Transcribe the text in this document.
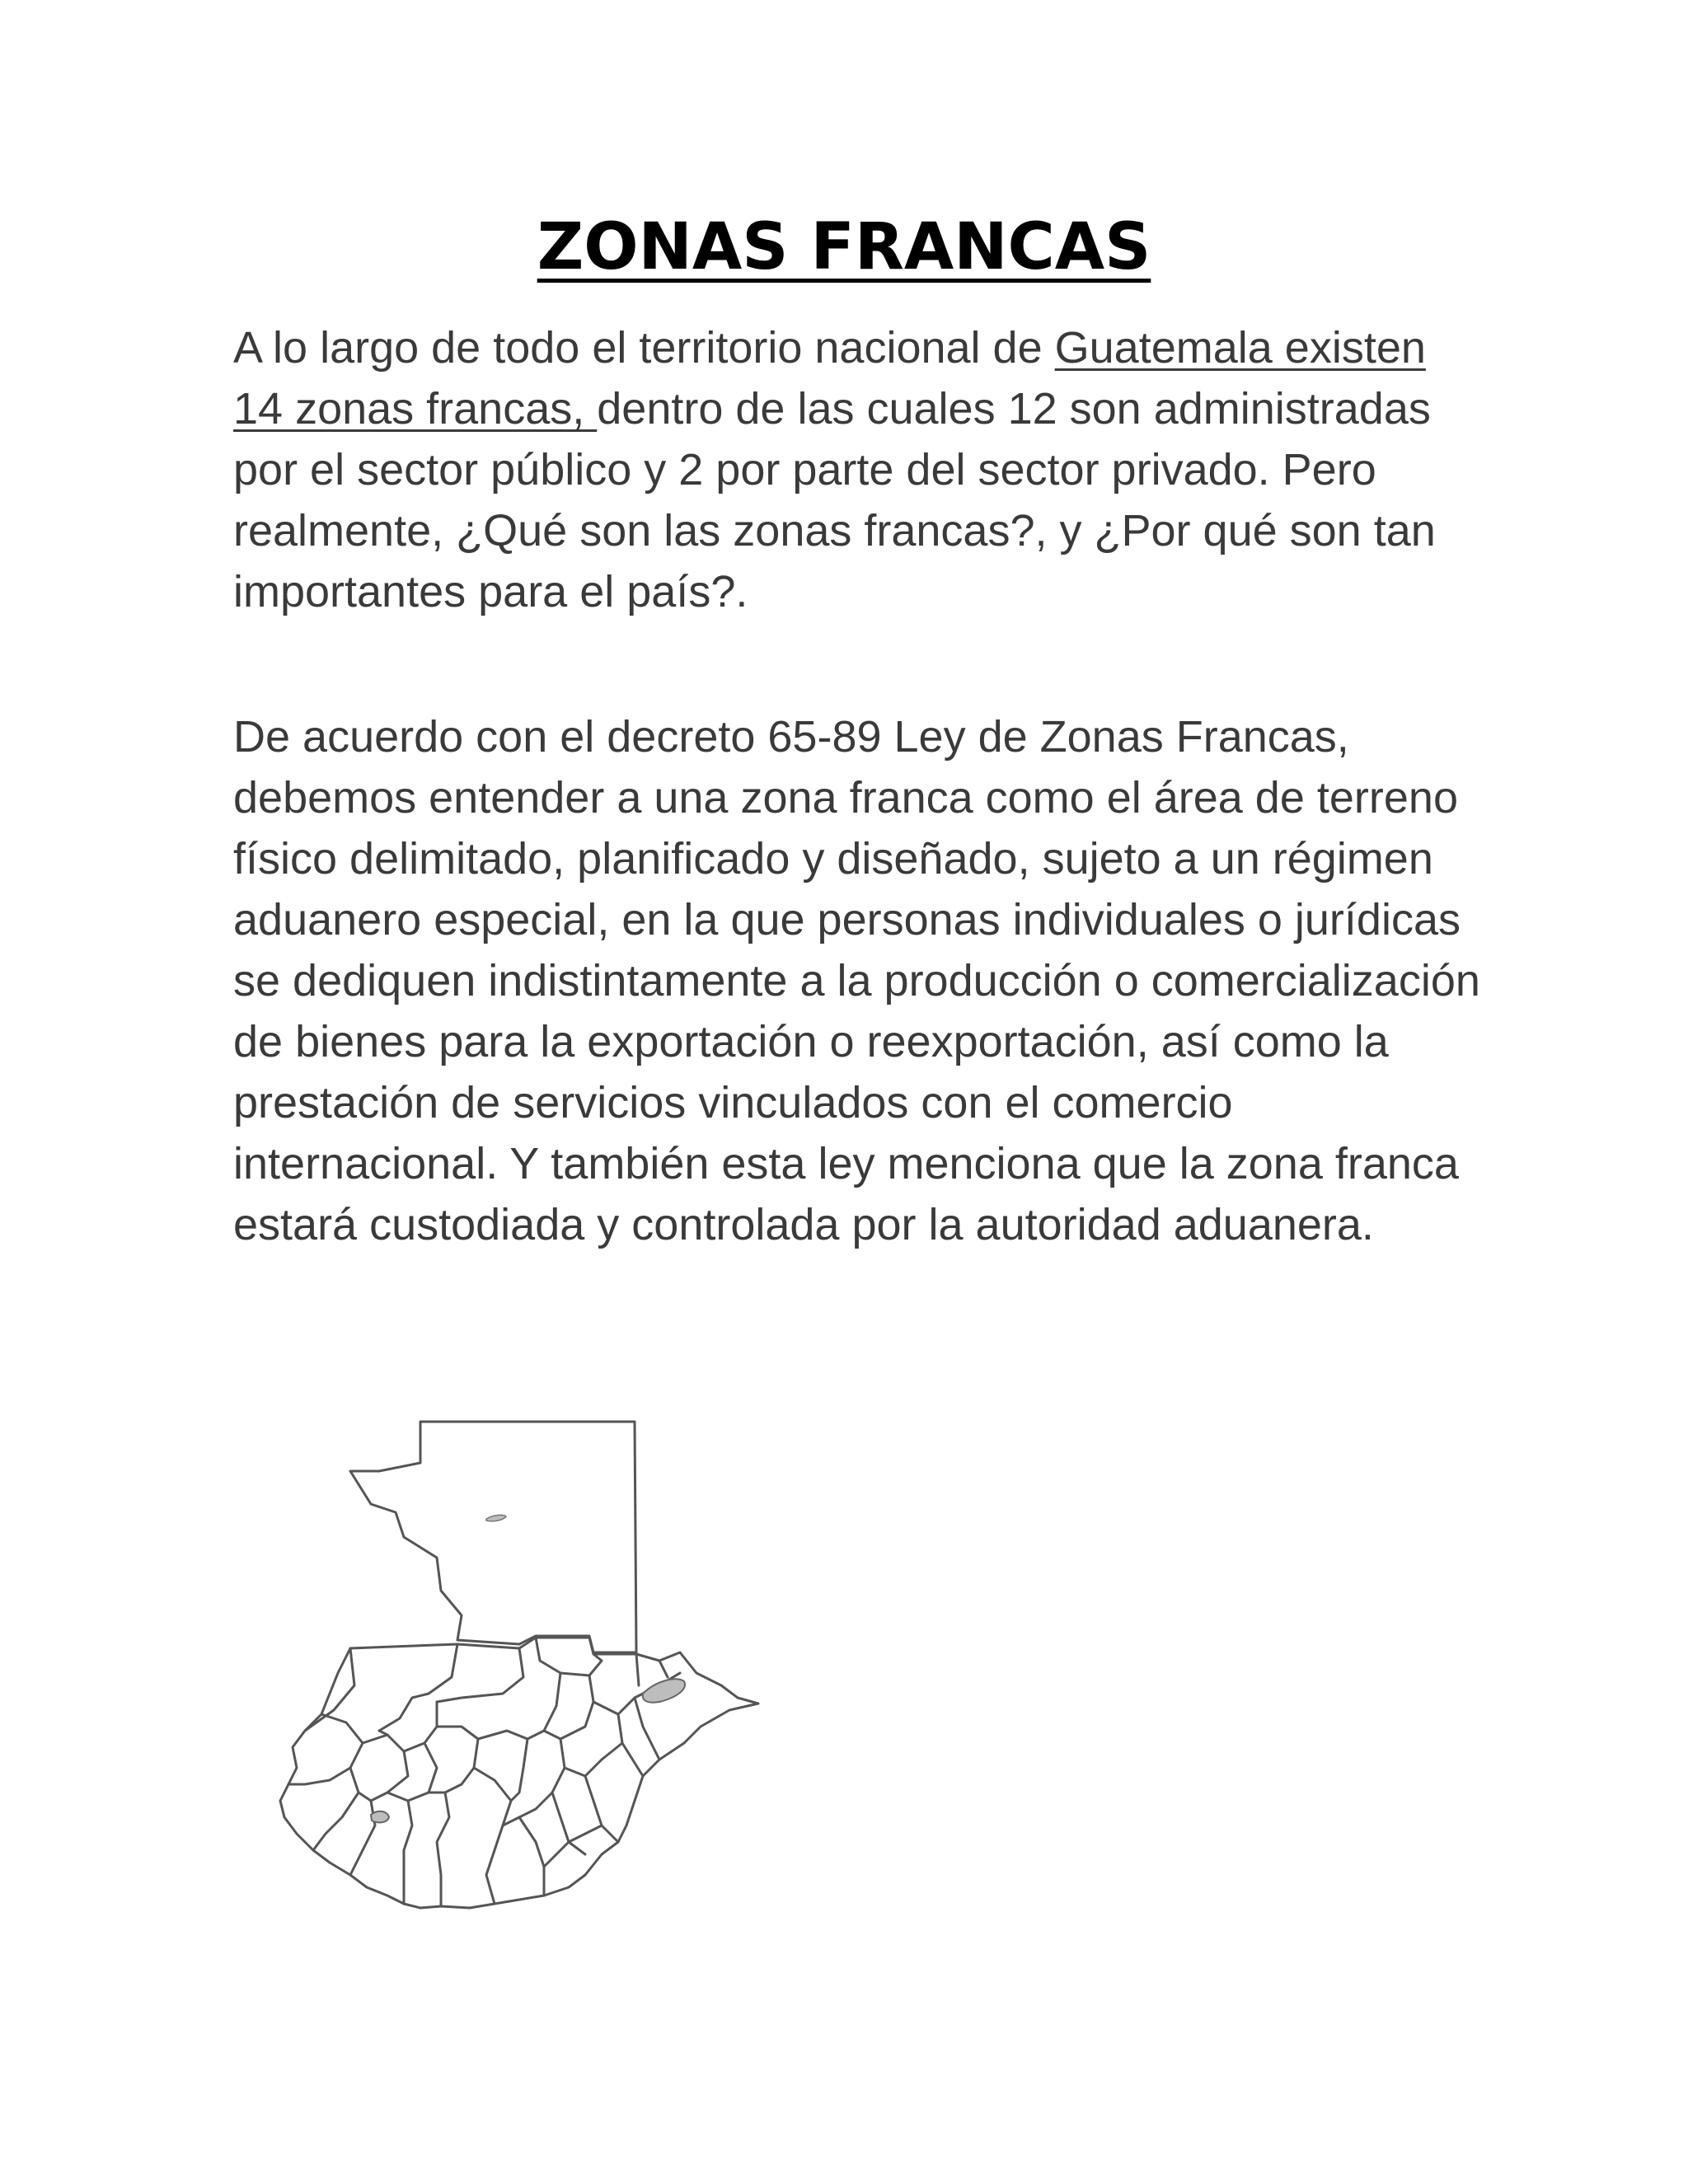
ZONAS FRANCAS

A lo largo de todo el territorio nacional de Guatemala existen 14 zonas francas, dentro de las cuales 12 son administradas por el sector público y 2 por parte del sector privado. Pero realmente, ¿Qué son las zonas francas?, y ¿Por qué son tan importantes para el país?.

De acuerdo con el decreto 65-89 Ley de Zonas Francas, debemos entender a una zona franca como el área de terreno físico delimitado, planificado y diseñado, sujeto a un régimen aduanero especial, en la que personas individuales o jurídicas se dediquen indistintamente a la producción o comercialización de bienes para la exportación o reexportación, así como la prestación de servicios vinculados con el comercio internacional. Y también esta ley menciona que la zona franca estará custodiada y controlada por la autoridad aduanera.
